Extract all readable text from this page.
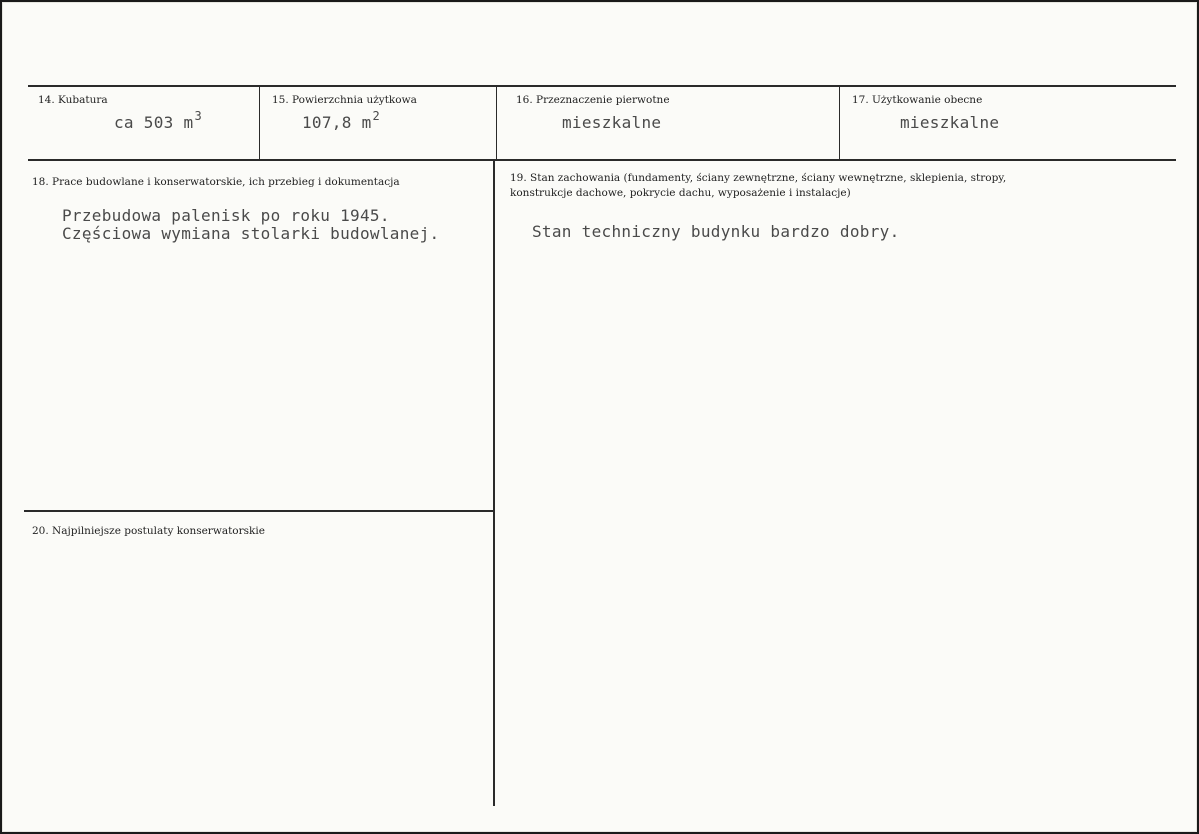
14. Kubatura
ca 503 $m^3$
15. Powierzchnia użytkowa
107,8 $m^2$
16. Przeznaczenie pierwotne
mieszkalne
17. Użytkowanie obecne
mieszkalne
18. Prace budowlane i konserwatorskie, ich przebieg i dokumentacja
Przebudowa palenisk po roku 1945.
Częściowa wymiana stolarki budowlanej.
19. Stan zachowania (fundamenty, ściany zewnętrzne, ściany wewnętrzne, sklepienia, stropy,
konstrukcje dachowe, pokrycie dachu, wyposażenie i instalacje)
Stan techniczny budynku bardzo dobry.
20. Najpilniejsze postulaty konserwatorskie
